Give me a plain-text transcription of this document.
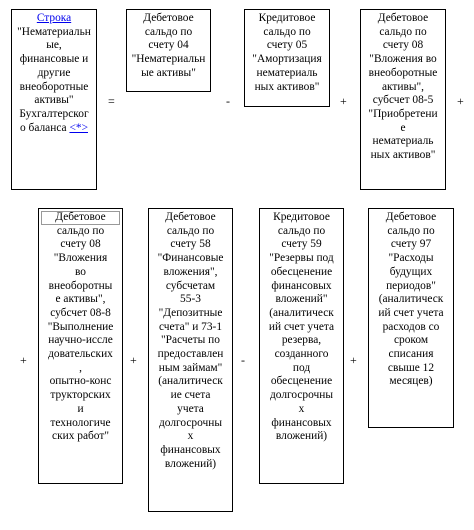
Строка
"Нематериальн
ые,
финансовые и
другие
внеоборотные
активы"
Бухгалтерског
о баланса <*>
=
Дебетовое
сальдо по
счету 04
"Нематериальн
ые активы"
-
Кредитовое
сальдо по
счету 05
"Амортизация
нематериаль
ных активов"
+
Дебетовое
сальдо по
счету 08
"Вложения во
внеоборотные
активы",
субсчет 08-5
"Приобретени
е
нематериаль
ных активов"
+
+
Дебетовое
сальдо по
счету 08
"Вложения
во
внеоборотны
е активы",
субсчет 08-8
"Выполнение
научно-иссле
довательских
,
опытно-конс
трукторских
и
технологиче
ских работ"
+
Дебетовое
сальдо по
счету 58
"Финансовые
вложения",
субсчетам
55-3
"Депозитные
счета" и 73-1
"Расчеты по
предоставлен
ным займам"
(аналитическ
ие счета
учета
долгосрочны
х
финансовых
вложений)
-
Кредитовое
сальдо по
счету 59
"Резервы под
обесценение
финансовых
вложений"
(аналитическ
ий счет учета
резерва,
созданного
под
обесценение
долгосрочны
х
финансовых
вложений)
+
Дебетовое
сальдо по
счету 97
"Расходы
будущих
периодов"
(аналитическ
ий счет учета
расходов со
сроком
списания
свыше 12
месяцев)
